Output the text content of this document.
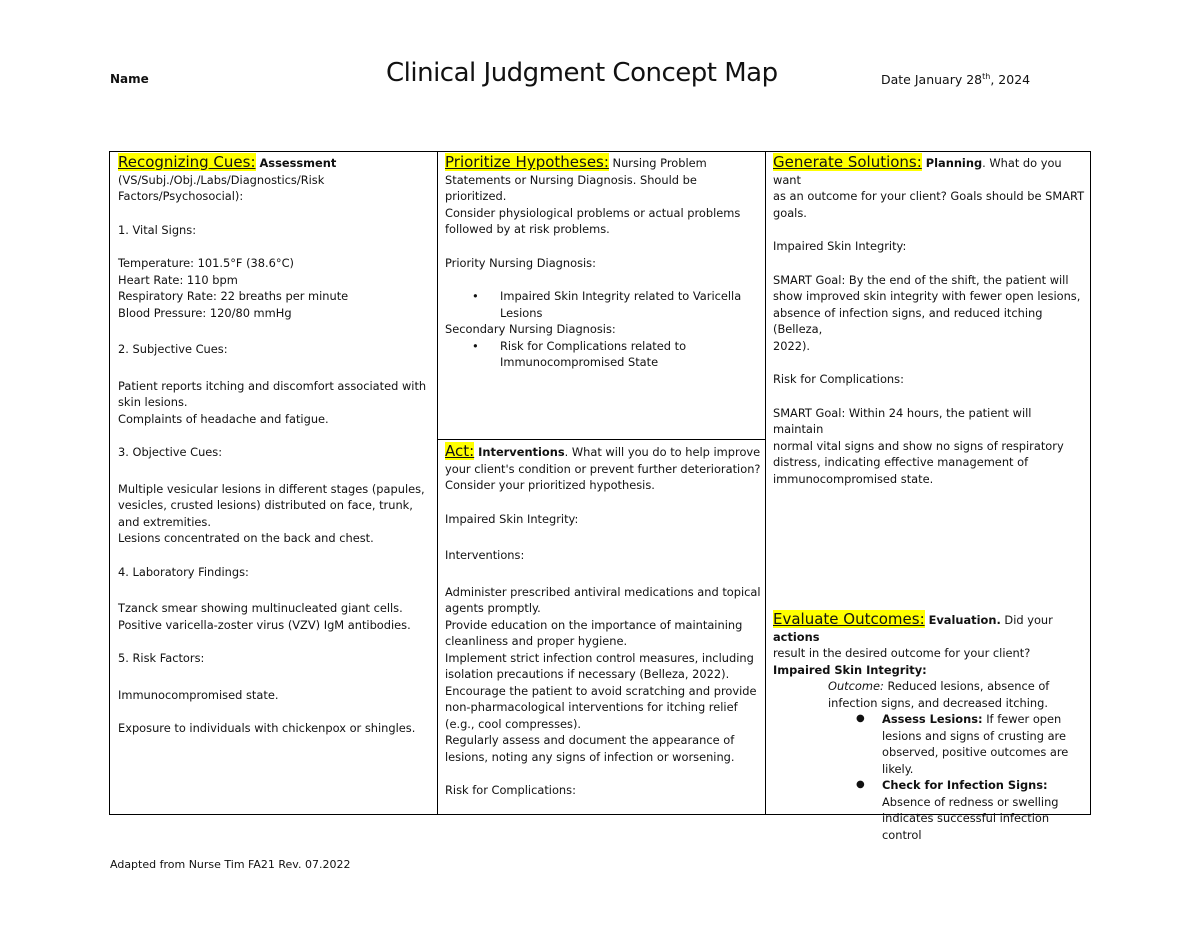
Name	Clinical Judgment Concept Map	Date January 28th, 2024

Recognizing Cues: Assessment

(VS/Subj./Obj./Labs/Diagnostics/Risk

Factors/Psychosocial):

1. Vital Signs:

Temperature: 101.5°F (38.6°C)

Heart Rate: 110 bpm

Respiratory Rate: 22 breaths per minute

Blood Pressure: 120/80 mmHg

2. Subjective Cues:

Patient reports itching and discomfort associated with skin lesions.

Complaints of headache and fatigue.

3. Objective Cues:

Multiple vesicular lesions in different stages (papules, vesicles, crusted lesions) distributed on face, trunk, and extremities.

Lesions concentrated on the back and chest.

4. Laboratory Findings:

Tzanck smear showing multinucleated giant cells.

Positive varicella-zoster virus (VZV) IgM antibodies.

5. Risk Factors:

Immunocompromised state.

Exposure to individuals with chickenpox or shingles.

Prioritize Hypotheses: Nursing Problem

Statements or Nursing Diagnosis. Should be prioritized.

Consider physiological problems or actual problems

followed by at risk problems.

Priority Nursing Diagnosis:

• Impaired Skin Integrity related to Varicella Lesions

Secondary Nursing Diagnosis:

• Risk for Complications related to Immunocompromised State

Act: Interventions. What will you do to help improve

your client's condition or prevent further deterioration?

Consider your prioritized hypothesis.

Impaired Skin Integrity:

Interventions:

Administer prescribed antiviral medications and topical agents promptly.

Provide education on the importance of maintaining cleanliness and proper hygiene.

Implement strict infection control measures, including isolation precautions if necessary (Belleza, 2022).

Encourage the patient to avoid scratching and provide non-pharmacological interventions for itching relief (e.g., cool compresses).

Regularly assess and document the appearance of lesions, noting any signs of infection or worsening.

Risk for Complications:

Generate Solutions: Planning. What do you want

as an outcome for your client? Goals should be SMART

goals.

Impaired Skin Integrity:

SMART Goal: By the end of the shift, the patient will

show improved skin integrity with fewer open lesions,

absence of infection signs, and reduced itching (Belleza,

2022).

Risk for Complications:

SMART Goal: Within 24 hours, the patient will maintain

normal vital signs and show no signs of respiratory

distress, indicating effective management of

immunocompromised state.

Evaluate Outcomes: Evaluation. Did your actions

result in the desired outcome for your client?

Impaired Skin Integrity:

Outcome: Reduced lesions, absence of infection signs, and decreased itching.

● Assess Lesions: If fewer open lesions and signs of crusting are observed, positive outcomes are likely.
● Check for Infection Signs: Absence of redness or swelling indicates successful infection control
Adapted from Nurse Tim FA21 Rev. 07.2022
